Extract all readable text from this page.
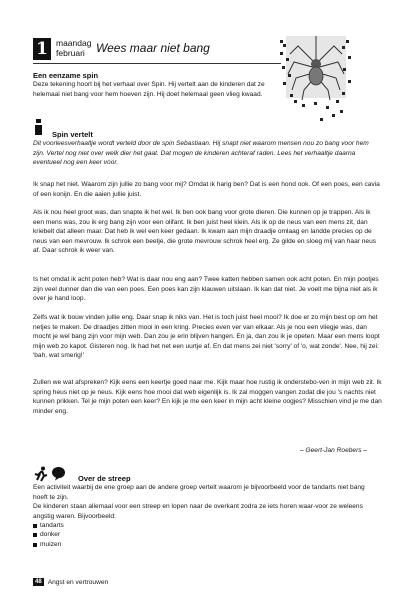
1 maandag
februari Wees maar niet bang
Een eenzame spin
Deze tekening hoort bij het verhaal over Spin. Hij vertelt aan de kinderen dat ze helemaal niet bang voor hem hoeven zijn. Hij doet helemaal geen vlieg kwaad.
Spin vertelt
Dit voorleesverhaaltje wordt verteld door de spin Sebastiaan. Hij snapt niet waarom mensen nou zo bang voor hem zijn. Vertel nog niet over welk dier het gaat. Dat mogen de kinderen achteraf raden. Lees het verhaaltje daarna eventueel nog een keer voor.
Ik snap het niet. Waarom zijn jullie zo bang voor mij? Omdat ik harig ben? Dat is een hond ook. Of een poes, een cavia of een konijn. En die aaien jullie juist.
Als ik nou heel groot was, dan snapte ik het wel. Ik ben ook bang voor grote dieren. Die kunnen op je trappen. Als ik een mens was, zou ik erg bang zijn voor een olifant. Ik ben juist heel klein. Als ik op de neus van een mens zit, dan kriebelt dat alleen maar. Dat heb ik wel een keer gedaan. Ik kwam aan mijn draadje omlaag en landde precies op de neus van een mevrouw. Ik schrok een beetje, die grote mevrouw schrok heel erg. Ze gilde en sloeg mij van haar neus af. Daar schrok ik weer van.
Is het omdat ik acht poten heb? Wat is daar nou eng aan? Twee katten hebben samen ook acht poten. En mijn pootjes zijn veel dunner dan die van een poes. Een poes kan zijn klauwen uitslaan. Ik kan dat niet. Je voelt me bijna niet als ik over je hand loop.
Zelfs wat ik bouw vinden jullie eng. Daar snap ik niks van. Het is toch juist heel mooi? Ik doe er zo mijn best op om het netjes te maken. De draadjes zitten mooi in een kring. Precies even ver van elkaar. Als je nou een vliegje was, dan mocht je wel bang zijn voor mijn web. Dan zou je erin blijven hangen. En ja, dan zou ik je opeten. Maar een mens loopt mijn web zo kapot. Gisteren nog. Ik had het net een uurtje af. En dat mens zei niet 'sorry' of 'o, wat zonde'. Nee, hij zei: 'bah, wat smerig!'
Zullen we wat afspreken? Kijk eens een keertje goed naar me. Kijk maar hoe rustig ik onderstebo-ven in mijn web zit. Ik spring heus niet op je neus. Kijk eens hoe mooi dat web eigenlijk is. Ik zal moggen vangen zodat die jou 's nachts niet kunnen prikken. Tel je mijn poten een keer? En kijk je me een keer in mijn acht kleine oogjes? Misschien vind je me dan minder eng.
– Geert-Jan Roebers –
Over de streep
Een activiteit waarbij de ene groep aan de andere groep vertelt waarom je bijvoorbeeld voor de tandarts niet bang hoeft te zijn.
De kinderen staan allemaal voor een streep en lopen naar de overkant zodra ze iets horen waar-voor ze weleens angstig waren. Bijvoorbeeld:
tandarts
donker
muizen
48 Angst en vertrouwen
